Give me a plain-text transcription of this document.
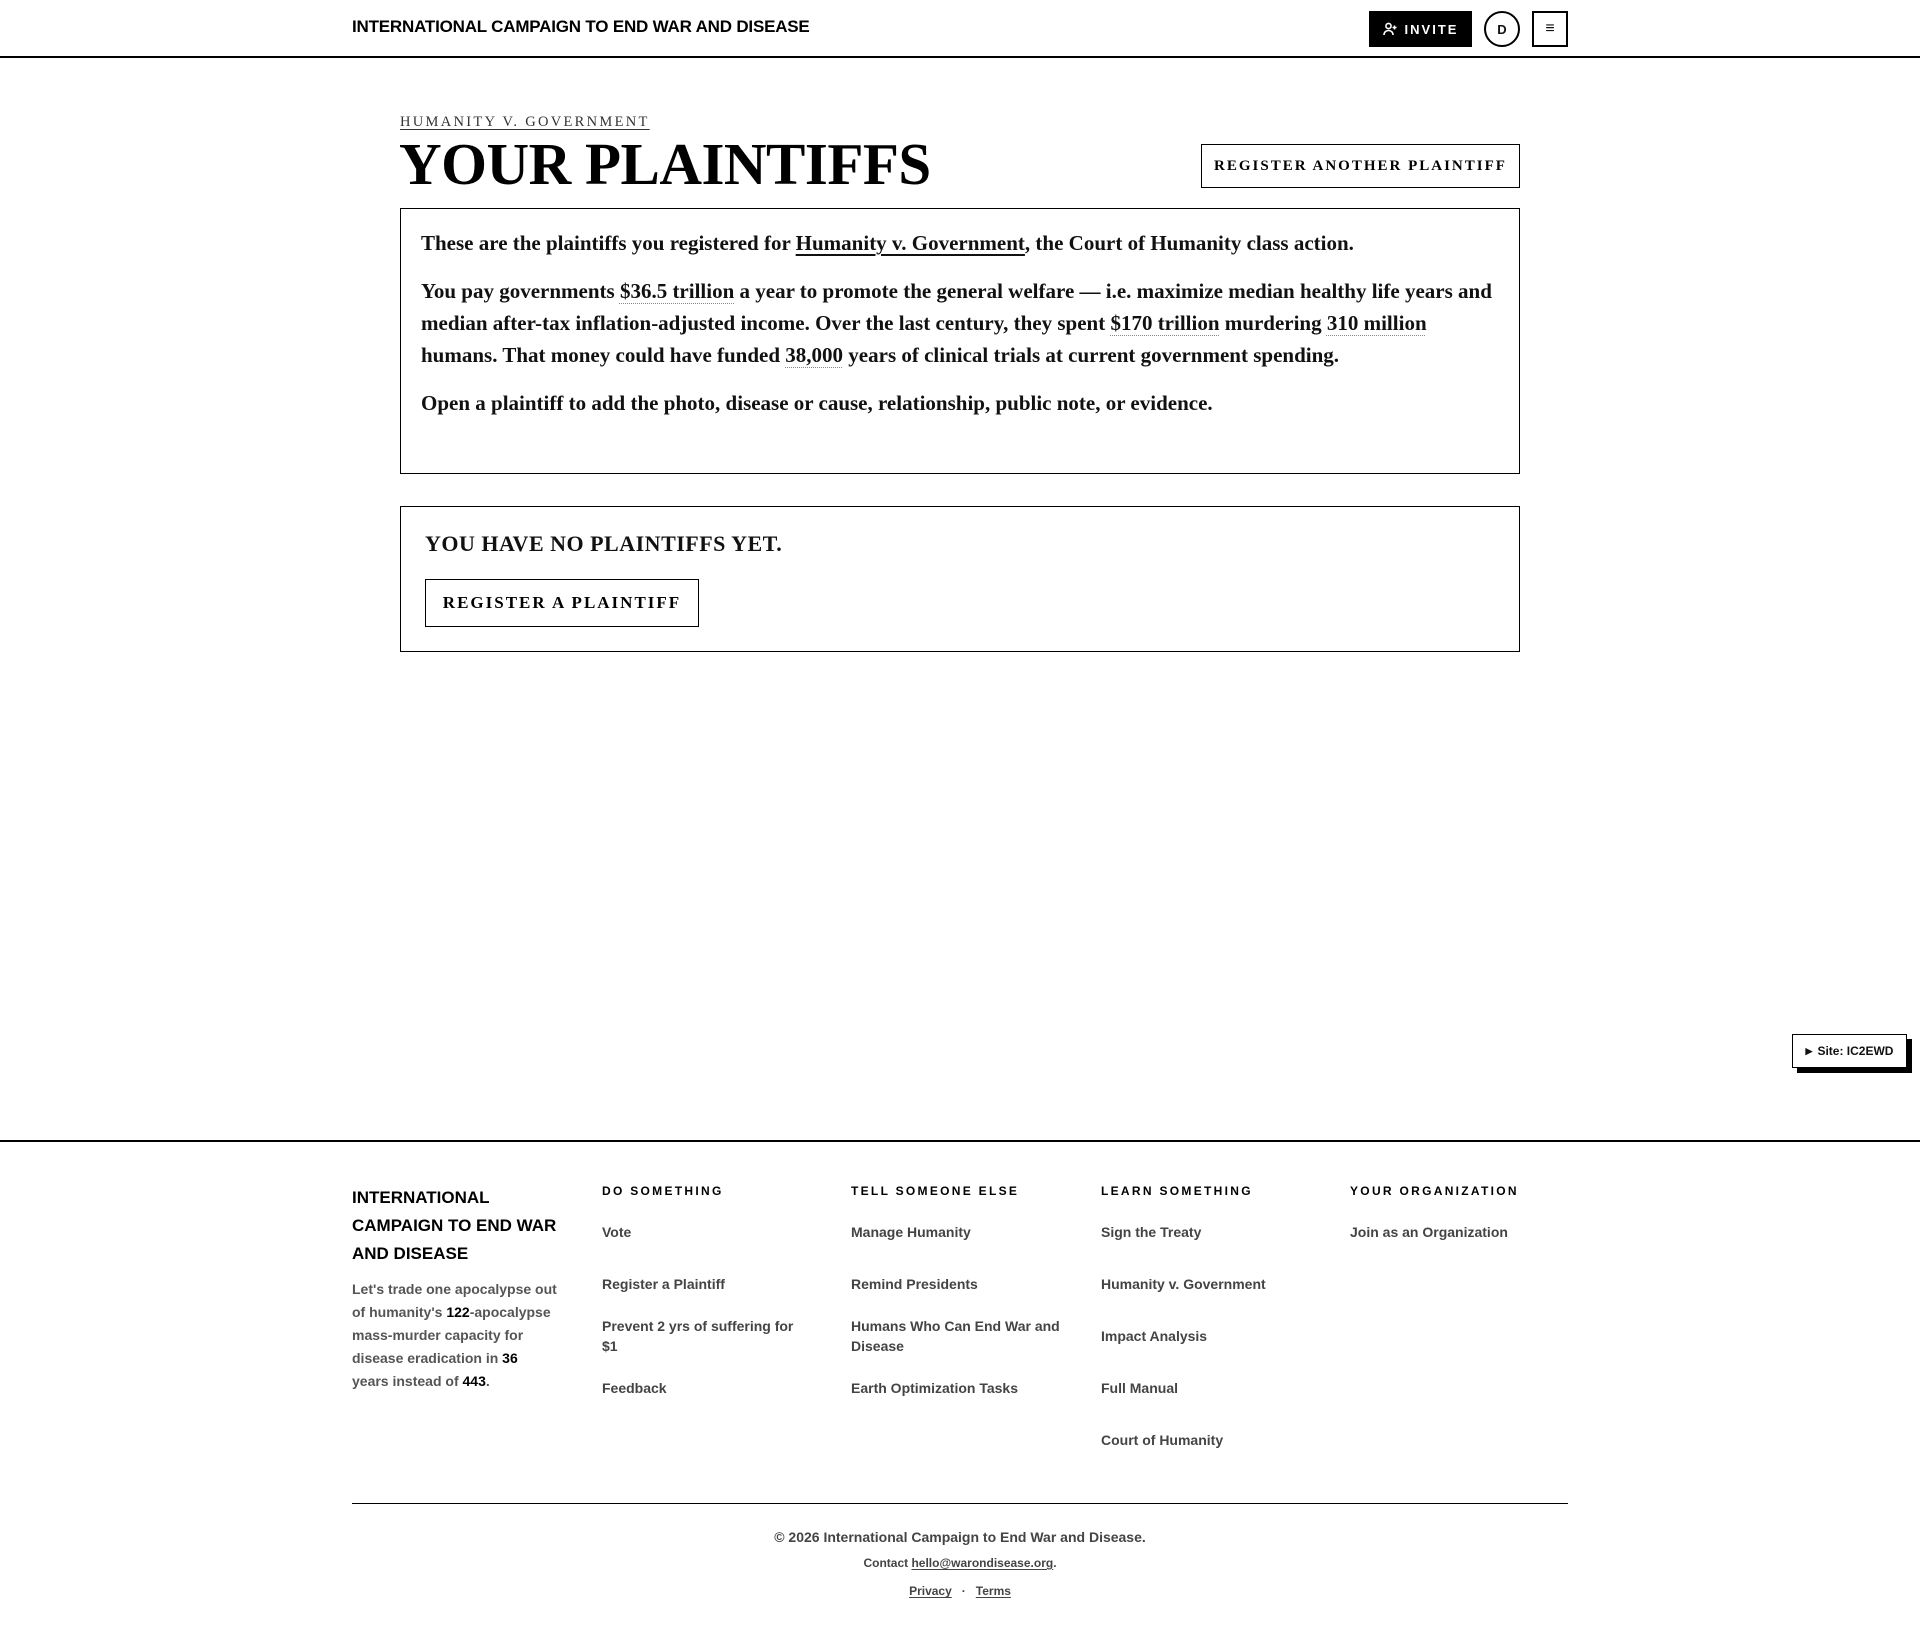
INTERNATIONAL CAMPAIGN TO END WAR AND DISEASE	INVITE	D	≡
HUMANITY V. GOVERNMENT
YOUR PLAINTIFFS	REGISTER ANOTHER PLAINTIFF

These are the plaintiffs you registered for Humanity v. Government, the Court of Humanity class action.

You pay governments $36.5 trillion a year to promote the general welfare — i.e. maximize median healthy life years and median after-tax inflation-adjusted income. Over the last century, they spent $170 trillion murdering 310 million humans. That money could have funded 38,000 years of clinical trials at current government spending.

Open a plaintiff to add the photo, disease or cause, relationship, public note, or evidence.

YOU HAVE NO PLAINTIFFS YET.
REGISTER A PLAINTIFF
▶ Site: IC2EWD
INTERNATIONAL CAMPAIGN TO END WAR AND DISEASE
Let's trade one apocalypse out of humanity's 122-apocalypse mass-murder capacity for disease eradication in 36 years instead of 443.
DO SOMETHING
Vote
Register a Plaintiff
Prevent 2 yrs of suffering for $1
Feedback
TELL SOMEONE ELSE
Manage Humanity
Remind Presidents
Humans Who Can End War and Disease
Earth Optimization Tasks
LEARN SOMETHING
Sign the Treaty
Humanity v. Government
Impact Analysis
Full Manual
Court of Humanity
YOUR ORGANIZATION
Join as an Organization
© 2026 International Campaign to End War and Disease.
Contact hello@warondisease.org.
Privacy · Terms
